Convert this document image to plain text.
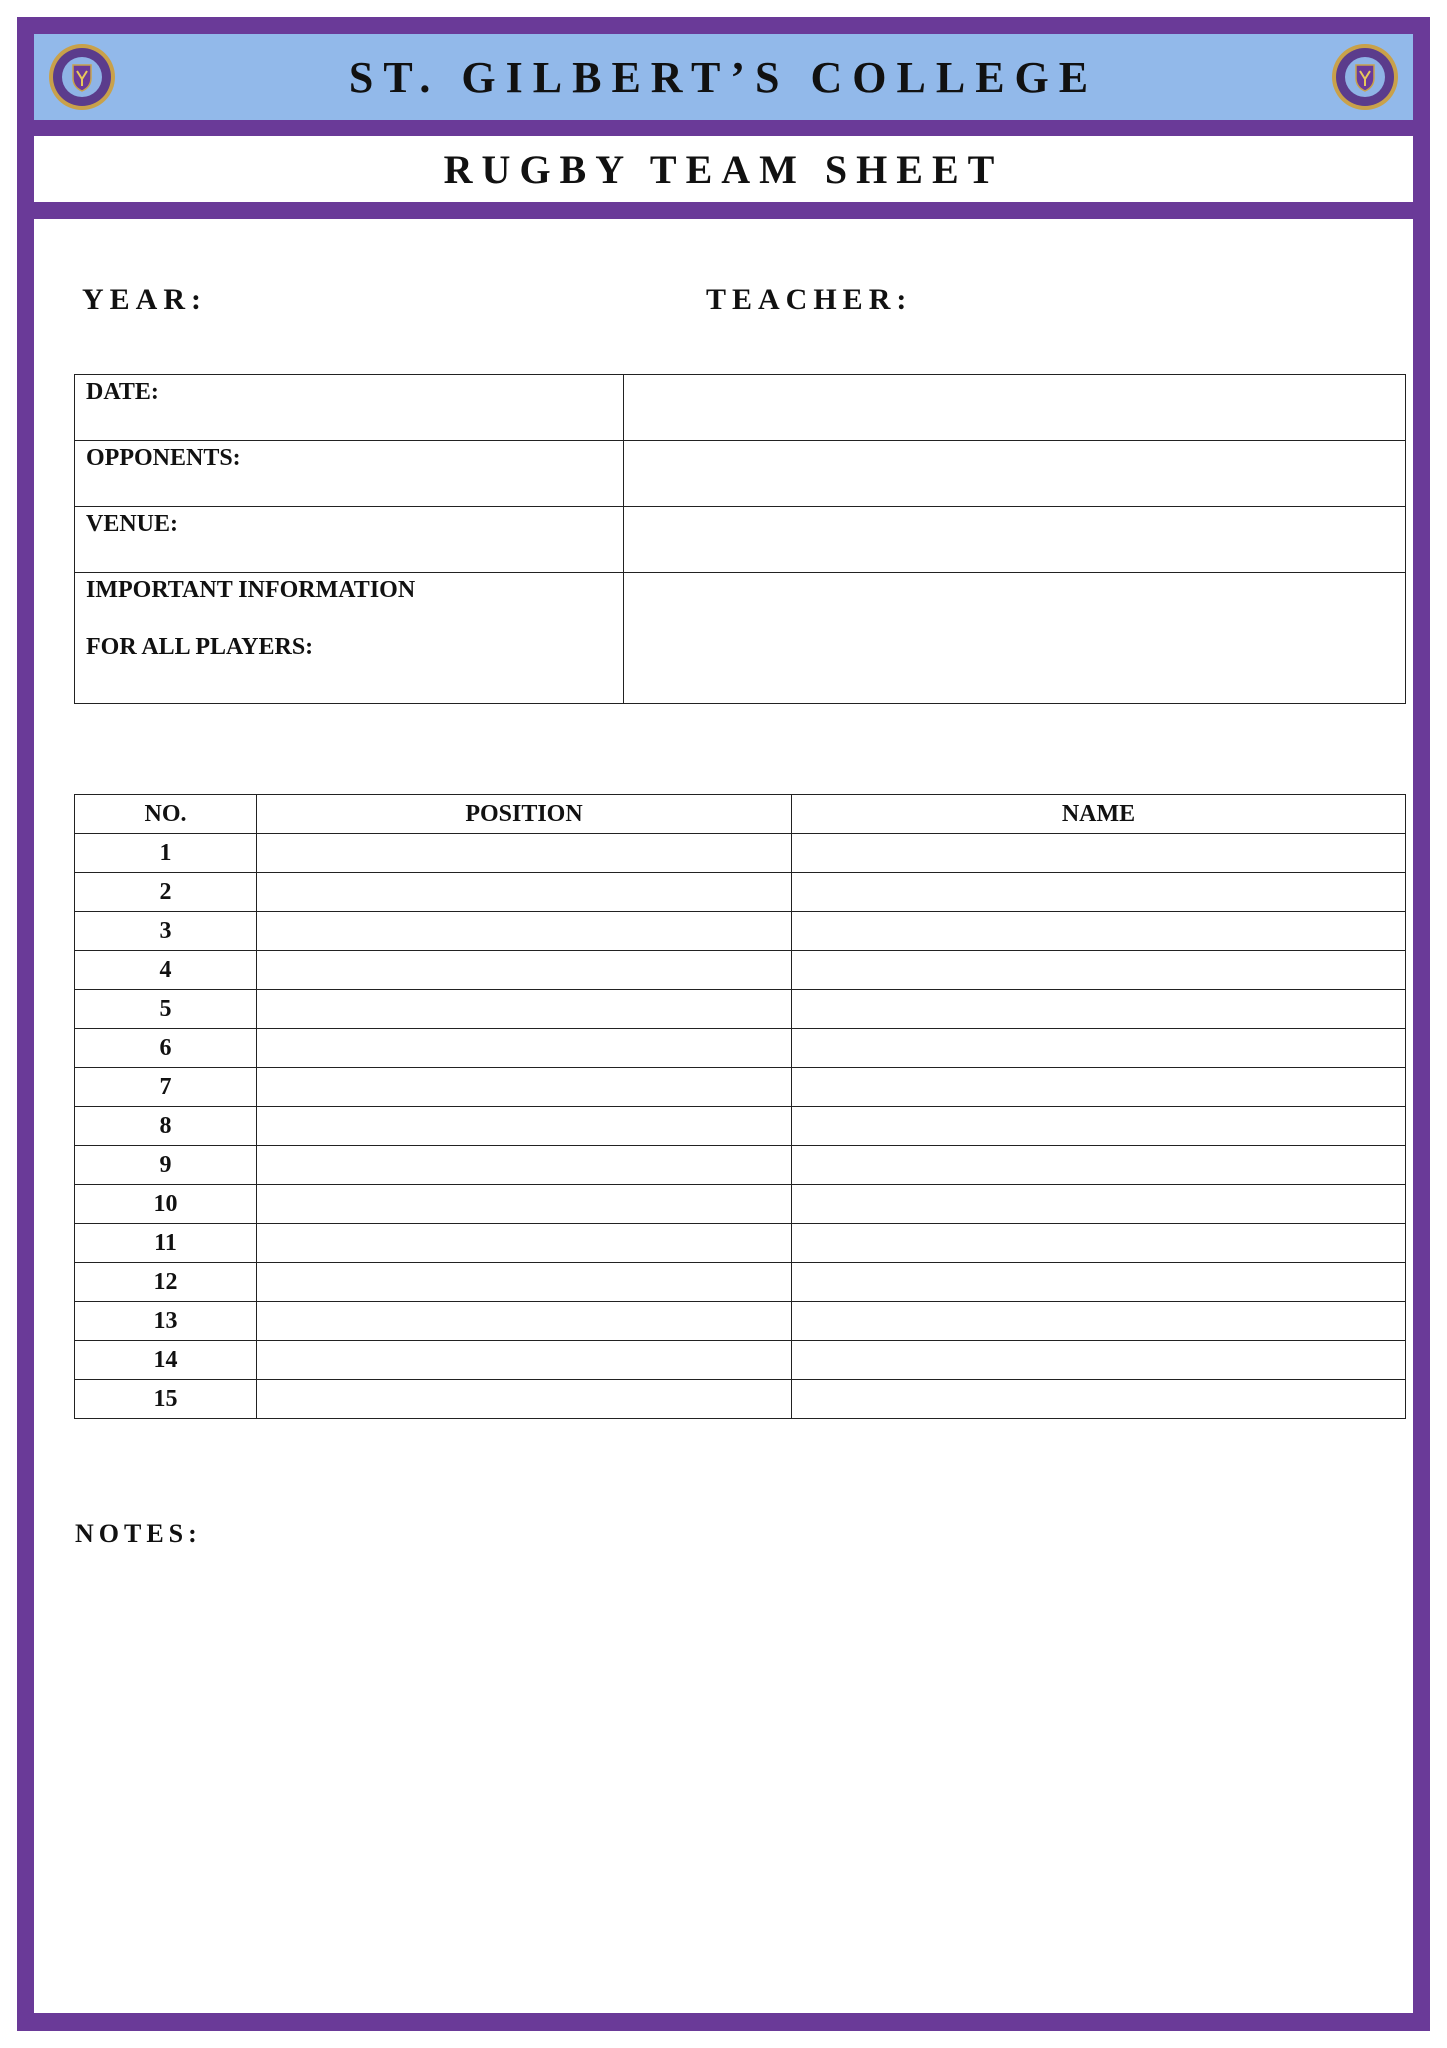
ST. GILBERT’S COLLEGE
RUGBY TEAM SHEET
YEAR:	TEACHER:
DATE:	
OPPONENTS:	
VENUE:	
IMPORTANT INFORMATION
FOR ALL PLAYERS:	

NO.	POSITION	NAME
1		
2		
3		
4		
5		
6		
7		
8		
9		
10		
11		
12		
13		
14		
15		
NOTES:
